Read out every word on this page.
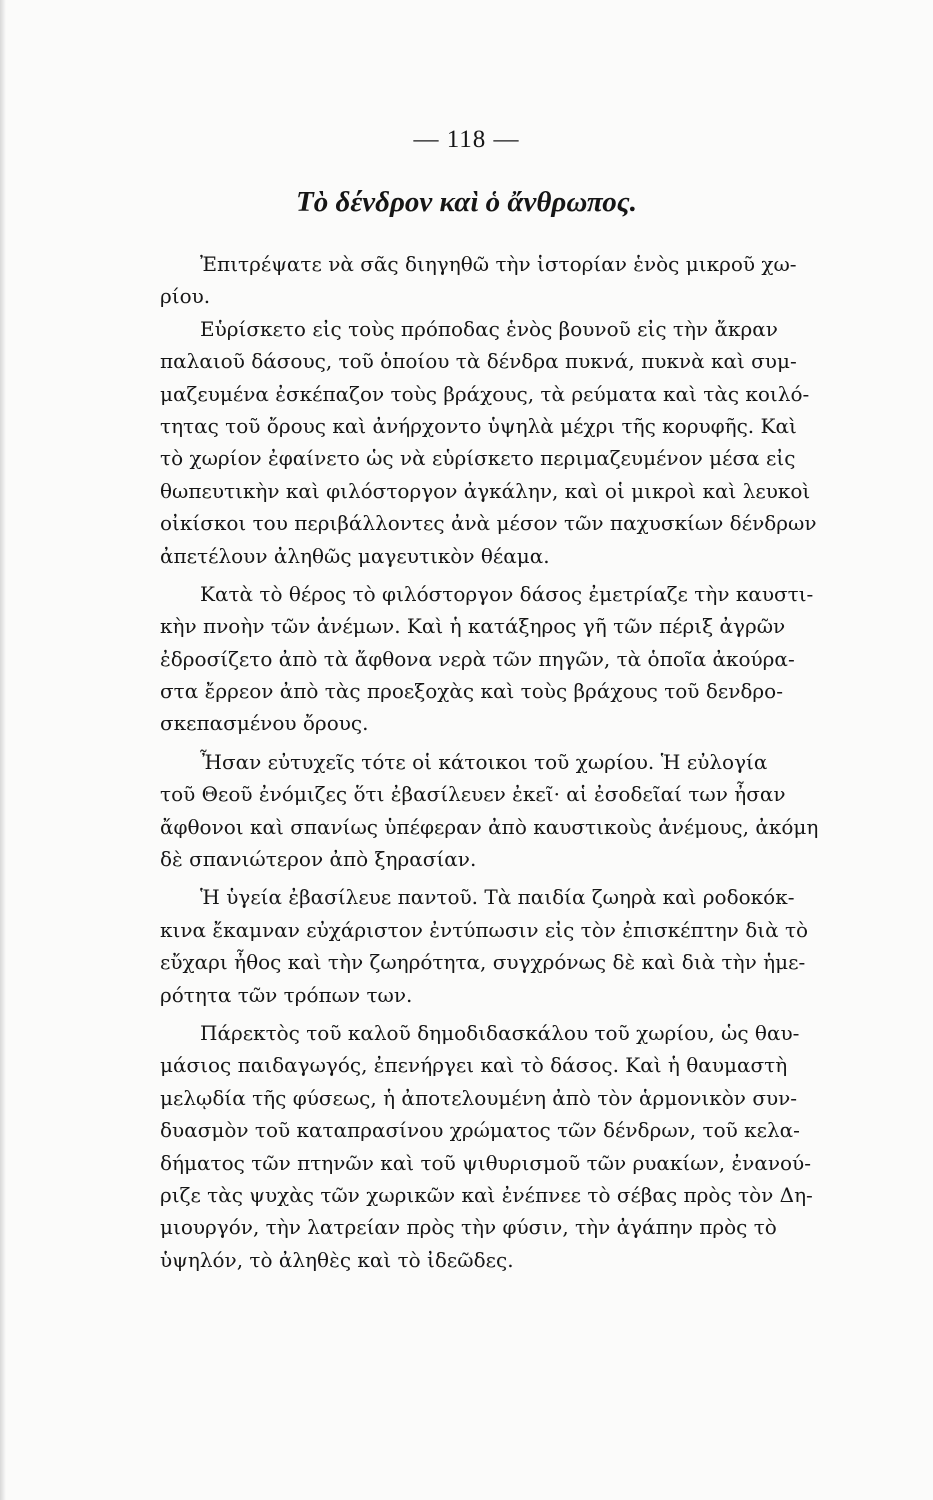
— 118 —
Τὸ δένδρον καὶ ὁ ἄνθρωπος.
Ἐπιτρέψατε νὰ σᾶς διηγηθῶ τὴν ἱστορίαν ἑνὸς μικροῦ χω-
ρίου.
Εὑρίσκετο εἰς τοὺς πρόποδας ἑνὸς βουνοῦ εἰς τὴν ἄκραν
παλαιοῦ δάσους, τοῦ ὁποίου τὰ δένδρα πυκνά, πυκνὰ καὶ συμ-
μαζευμένα ἐσκέπαζον τοὺς βράχους, τὰ ρεύματα καὶ τὰς κοιλό-
τητας τοῦ ὄρους καὶ ἀνήρχοντο ὑψηλὰ μέχρι τῆς κορυφῆς. Καὶ
τὸ χωρίον ἐφαίνετο ὡς νὰ εὑρίσκετο περιμαζευμένον μέσα εἰς
θωπευτικὴν καὶ φιλόστοργον ἀγκάλην, καὶ οἱ μικροὶ καὶ λευκοὶ
οἰκίσκοι του περιβάλλοντες ἀνὰ μέσον τῶν παχυσκίων δένδρων
ἀπετέλουν ἀληθῶς μαγευτικὸν θέαμα.
Κατὰ τὸ θέρος τὸ φιλόστοργον δάσος ἐμετρίαζε τὴν καυστι-
κὴν πνοὴν τῶν ἀνέμων. Καὶ ἡ κατάξηρος γῆ τῶν πέριξ ἀγρῶν
ἐδροσίζετο ἀπὸ τὰ ἄφθονα νερὰ τῶν πηγῶν, τὰ ὁποῖα ἀκούρα-
στα ἔρρεον ἀπὸ τὰς προεξοχὰς καὶ τοὺς βράχους τοῦ δενδρο-
σκεπασμένου ὄρους.
Ἦσαν εὐτυχεῖς τότε οἱ κάτοικοι τοῦ χωρίου. Ἡ εὐλογία
τοῦ Θεοῦ ἐνόμιζες ὅτι ἐβασίλευεν ἐκεῖ· αἱ ἐσοδεῖαί των ἦσαν
ἄφθονοι καὶ σπανίως ὑπέφεραν ἀπὸ καυστικοὺς ἀνέμους, ἀκόμη
δὲ σπανιώτερον ἀπὸ ξηρασίαν.
Ἡ ὑγεία ἐβασίλευε παντοῦ. Τὰ παιδία ζωηρὰ καὶ ροδοκόκ-
κινα ἔκαμναν εὐχάριστον ἐντύπωσιν εἰς τὸν ἐπισκέπτην διὰ τὸ
εὔχαρι ἦθος καὶ τὴν ζωηρότητα, συγχρόνως δὲ καὶ διὰ τὴν ἡμε-
ρότητα τῶν τρόπων των.
Πάρεκτὸς τοῦ καλοῦ δημοδιδασκάλου τοῦ χωρίου, ὡς θαυ-
μάσιος παιδαγωγός, ἐπενήργει καὶ τὸ δάσος. Καὶ ἡ θαυμαστὴ
μελῳδία τῆς φύσεως, ἡ ἀποτελουμένη ἀπὸ τὸν ἁρμονικὸν συν-
δυασμὸν τοῦ καταπρασίνου χρώματος τῶν δένδρων, τοῦ κελα-
δήματος τῶν πτηνῶν καὶ τοῦ ψιθυρισμοῦ τῶν ρυακίων, ἐνανού-
ριζε τὰς ψυχὰς τῶν χωρικῶν καὶ ἐνέπνεε τὸ σέβας πρὸς τὸν Δη-
μιουργόν, τὴν λατρείαν πρὸς τὴν φύσιν, τὴν ἀγάπην πρὸς τὸ
ὑψηλόν, τὸ ἀληθὲς καὶ τὸ ἰδεῶδες.
